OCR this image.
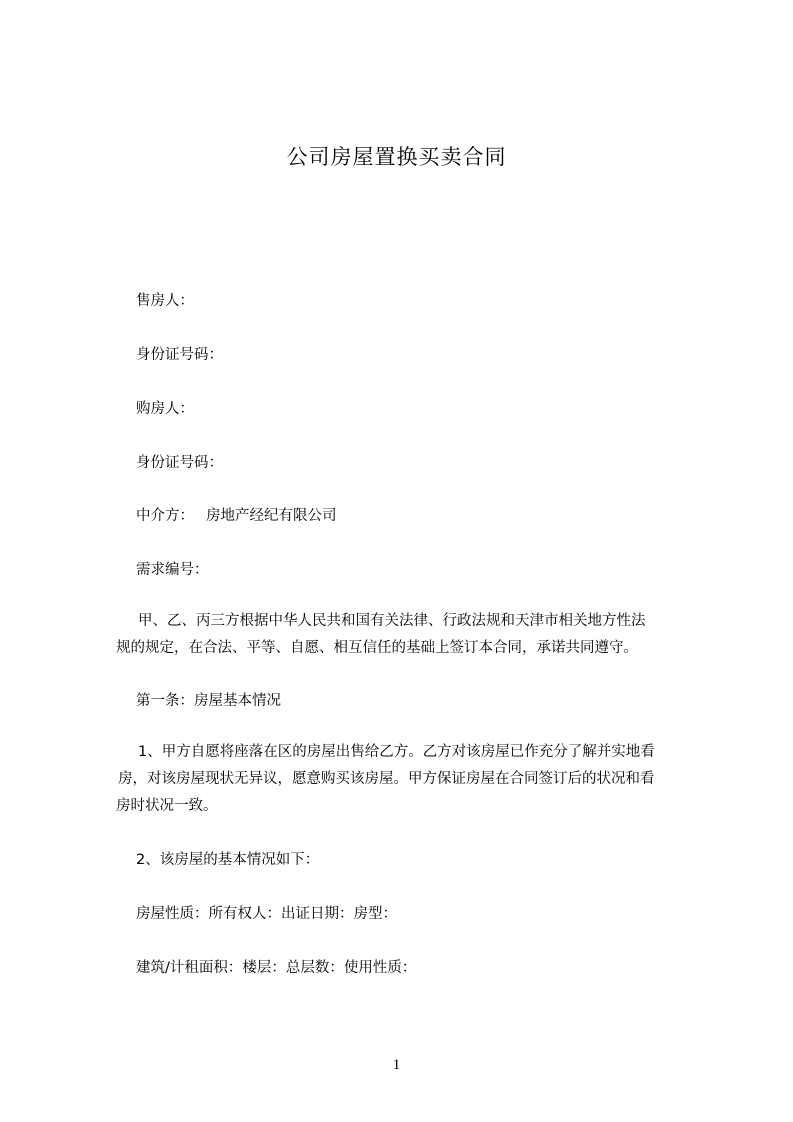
公司房屋置换买卖合同
售房人：
身份证号码：
购房人：
身份证号码：
中介方： 房地产经纪有限公司
需求编号：
甲、乙、丙三方根据中华人民共和国有关法律、行政法规和天津市相关地方性法
规的规定，在合法、平等、自愿、相互信任的基础上签订本合同，承诺共同遵守。
第一条：房屋基本情况
1、甲方自愿将座落在区的房屋出售给乙方。乙方对该房屋已作充分了解并实地看
房，对该房屋现状无异议，愿意购买该房屋。甲方保证房屋在合同签订后的状况和看
房时状况一致。
2、该房屋的基本情况如下：
房屋性质：所有权人：出证日期：房型：
建筑/计租面积：楼层：总层数：使用性质：
1
